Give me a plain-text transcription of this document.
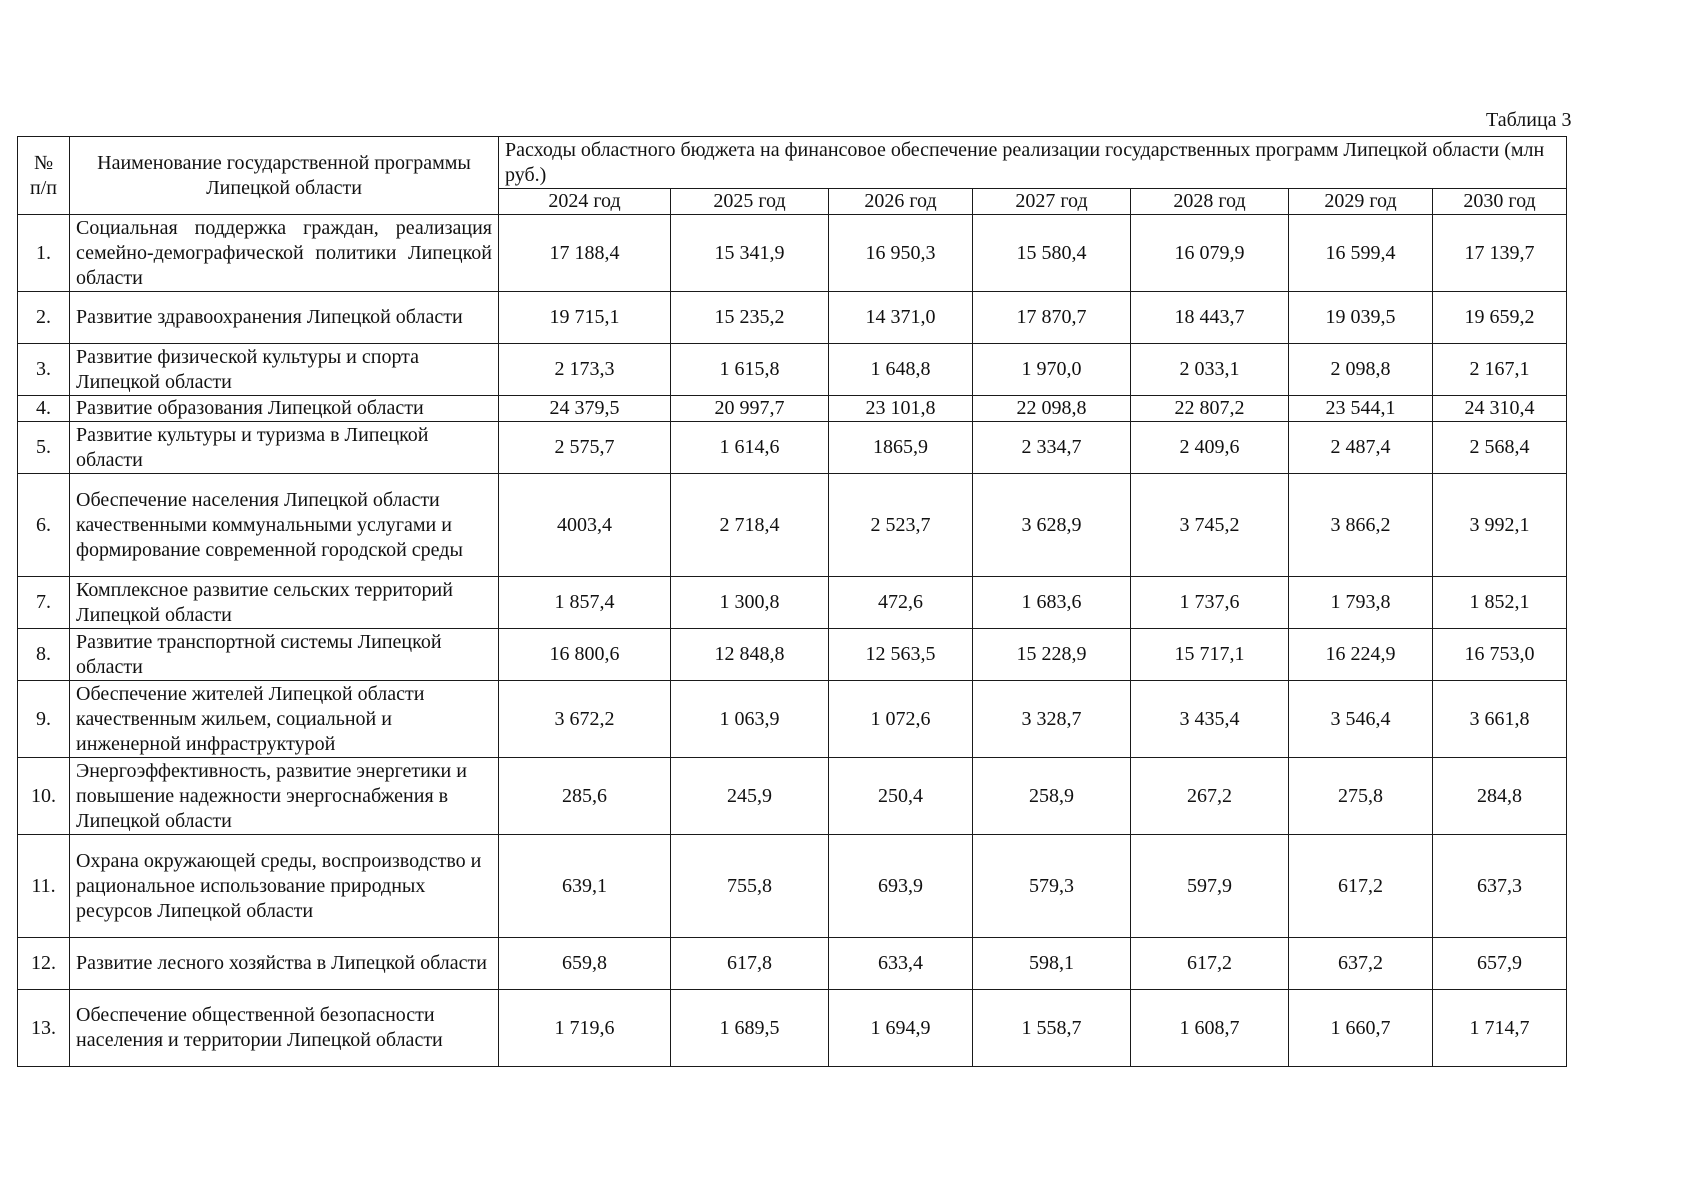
Таблица 3
№ п/п	Наименование государственной программы Липецкой области	Расходы областного бюджета на финансовое обеспечение реализации государственных программ Липецкой области (млн руб.)						
		2024 год	2025 год	2026 год	2027 год	2028 год	2029 год	2030 год
1.	Социальная поддержка граждан, реализация семейно-демографической политики Липецкой области	17 188,4	15 341,9	16 950,3	15 580,4	16 079,9	16 599,4	17 139,7
2.	Развитие здравоохранения Липецкой области	19 715,1	15 235,2	14 371,0	17 870,7	18 443,7	19 039,5	19 659,2
3.	Развитие физической культуры и спорта Липецкой области	2 173,3	1 615,8	1 648,8	1 970,0	2 033,1	2 098,8	2 167,1
4.	Развитие образования Липецкой области	24 379,5	20 997,7	23 101,8	22 098,8	22 807,2	23 544,1	24 310,4
5.	Развитие культуры и туризма в Липецкой области	2 575,7	1 614,6	1865,9	2 334,7	2 409,6	2 487,4	2 568,4
6.	Обеспечение населения Липецкой области качественными коммунальными услугами и формирование современной городской среды	4003,4	2 718,4	2 523,7	3 628,9	3 745,2	3 866,2	3 992,1
7.	Комплексное развитие сельских территорий Липецкой области	1 857,4	1 300,8	472,6	1 683,6	1 737,6	1 793,8	1 852,1
8.	Развитие транспортной системы Липецкой области	16 800,6	12 848,8	12 563,5	15 228,9	15 717,1	16 224,9	16 753,0
9.	Обеспечение жителей Липецкой области качественным жильем, социальной и инженерной инфраструктурой	3 672,2	1 063,9	1 072,6	3 328,7	3 435,4	3 546,4	3 661,8
10.	Энергоэффективность, развитие энергетики и повышение надежности энергоснабжения в Липецкой области	285,6	245,9	250,4	258,9	267,2	275,8	284,8
11.	Охрана окружающей среды, воспроизводство и рациональное использование природных ресурсов Липецкой области	639,1	755,8	693,9	579,3	597,9	617,2	637,3
12.	Развитие лесного хозяйства в Липецкой области	659,8	617,8	633,4	598,1	617,2	637,2	657,9
13.	Обеспечение общественной безопасности населения и территории Липецкой области	1 719,6	1 689,5	1 694,9	1 558,7	1 608,7	1 660,7	1 714,7
